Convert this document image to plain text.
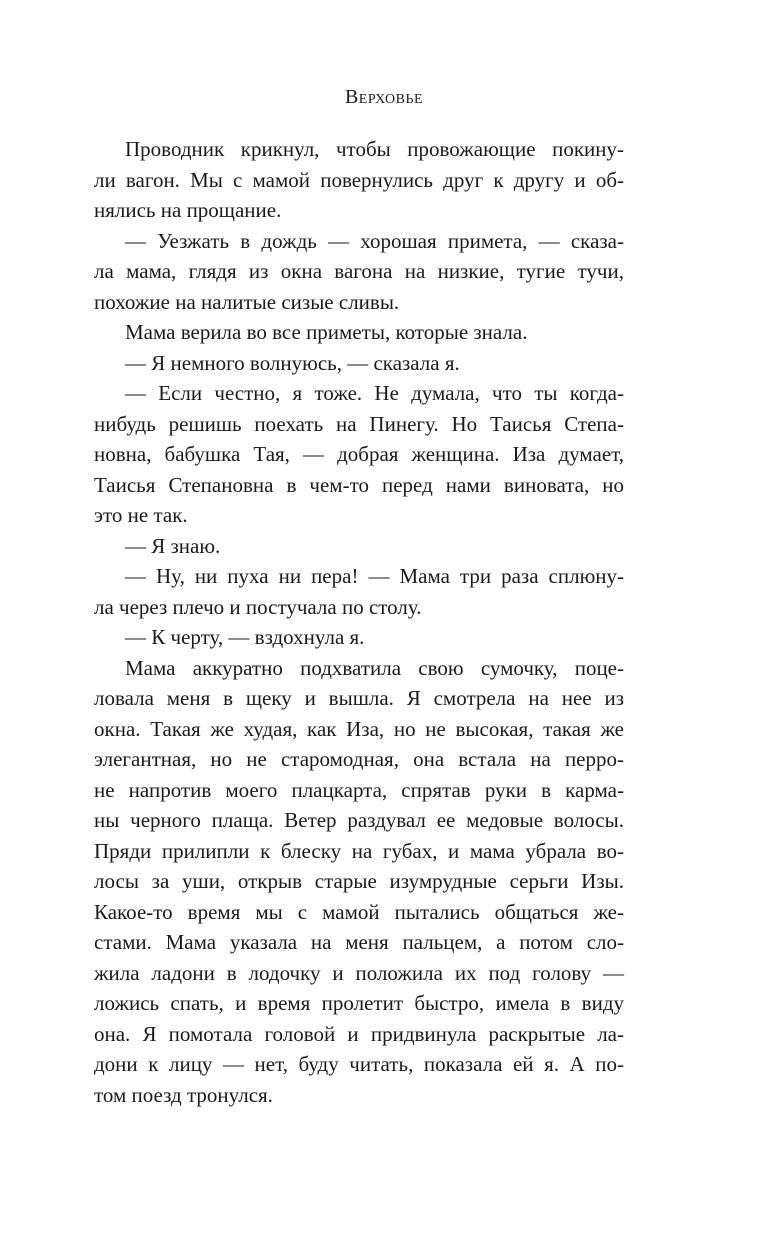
Верховье
Проводник крикнул, чтобы провожающие покину-
ли вагон. Мы с мамой повернулись друг к другу и об-
нялись на прощание.
— Уезжать в дождь — хорошая примета, — сказа-
ла мама, глядя из окна вагона на низкие, тугие тучи,
похожие на налитые сизые сливы.
Мама верила во все приметы, которые знала.
— Я немного волнуюсь, — сказала я.
— Если честно, я тоже. Не думала, что ты когда-
нибудь решишь поехать на Пинегу. Но Таисья Степа-
новна, бабушка Тая, — добрая женщина. Иза думает,
Таисья Степановна в чем-то перед нами виновата, но
это не так.
— Я знаю.
— Ну, ни пуха ни пера! — Мама три раза сплюну-
ла через плечо и постучала по столу.
— К черту, — вздохнула я.
Мама аккуратно подхватила свою сумочку, поце-
ловала меня в щеку и вышла. Я смотрела на нее из
окна. Такая же худая, как Иза, но не высокая, такая же
элегантная, но не старомодная, она встала на перро-
не напротив моего плацкарта, спрятав руки в карма-
ны черного плаща. Ветер раздувал ее медовые волосы.
Пряди прилипли к блеску на губах, и мама убрала во-
лосы за уши, открыв старые изумрудные серьги Изы.
Какое-то время мы с мамой пытались общаться же-
стами. Мама указала на меня пальцем, а потом сло-
жила ладони в лодочку и положила их под голову —
ложись спать, и время пролетит быстро, имела в виду
она. Я помотала головой и придвинула раскрытые ла-
дони к лицу — нет, буду читать, показала ей я. А по-
том поезд тронулся.
